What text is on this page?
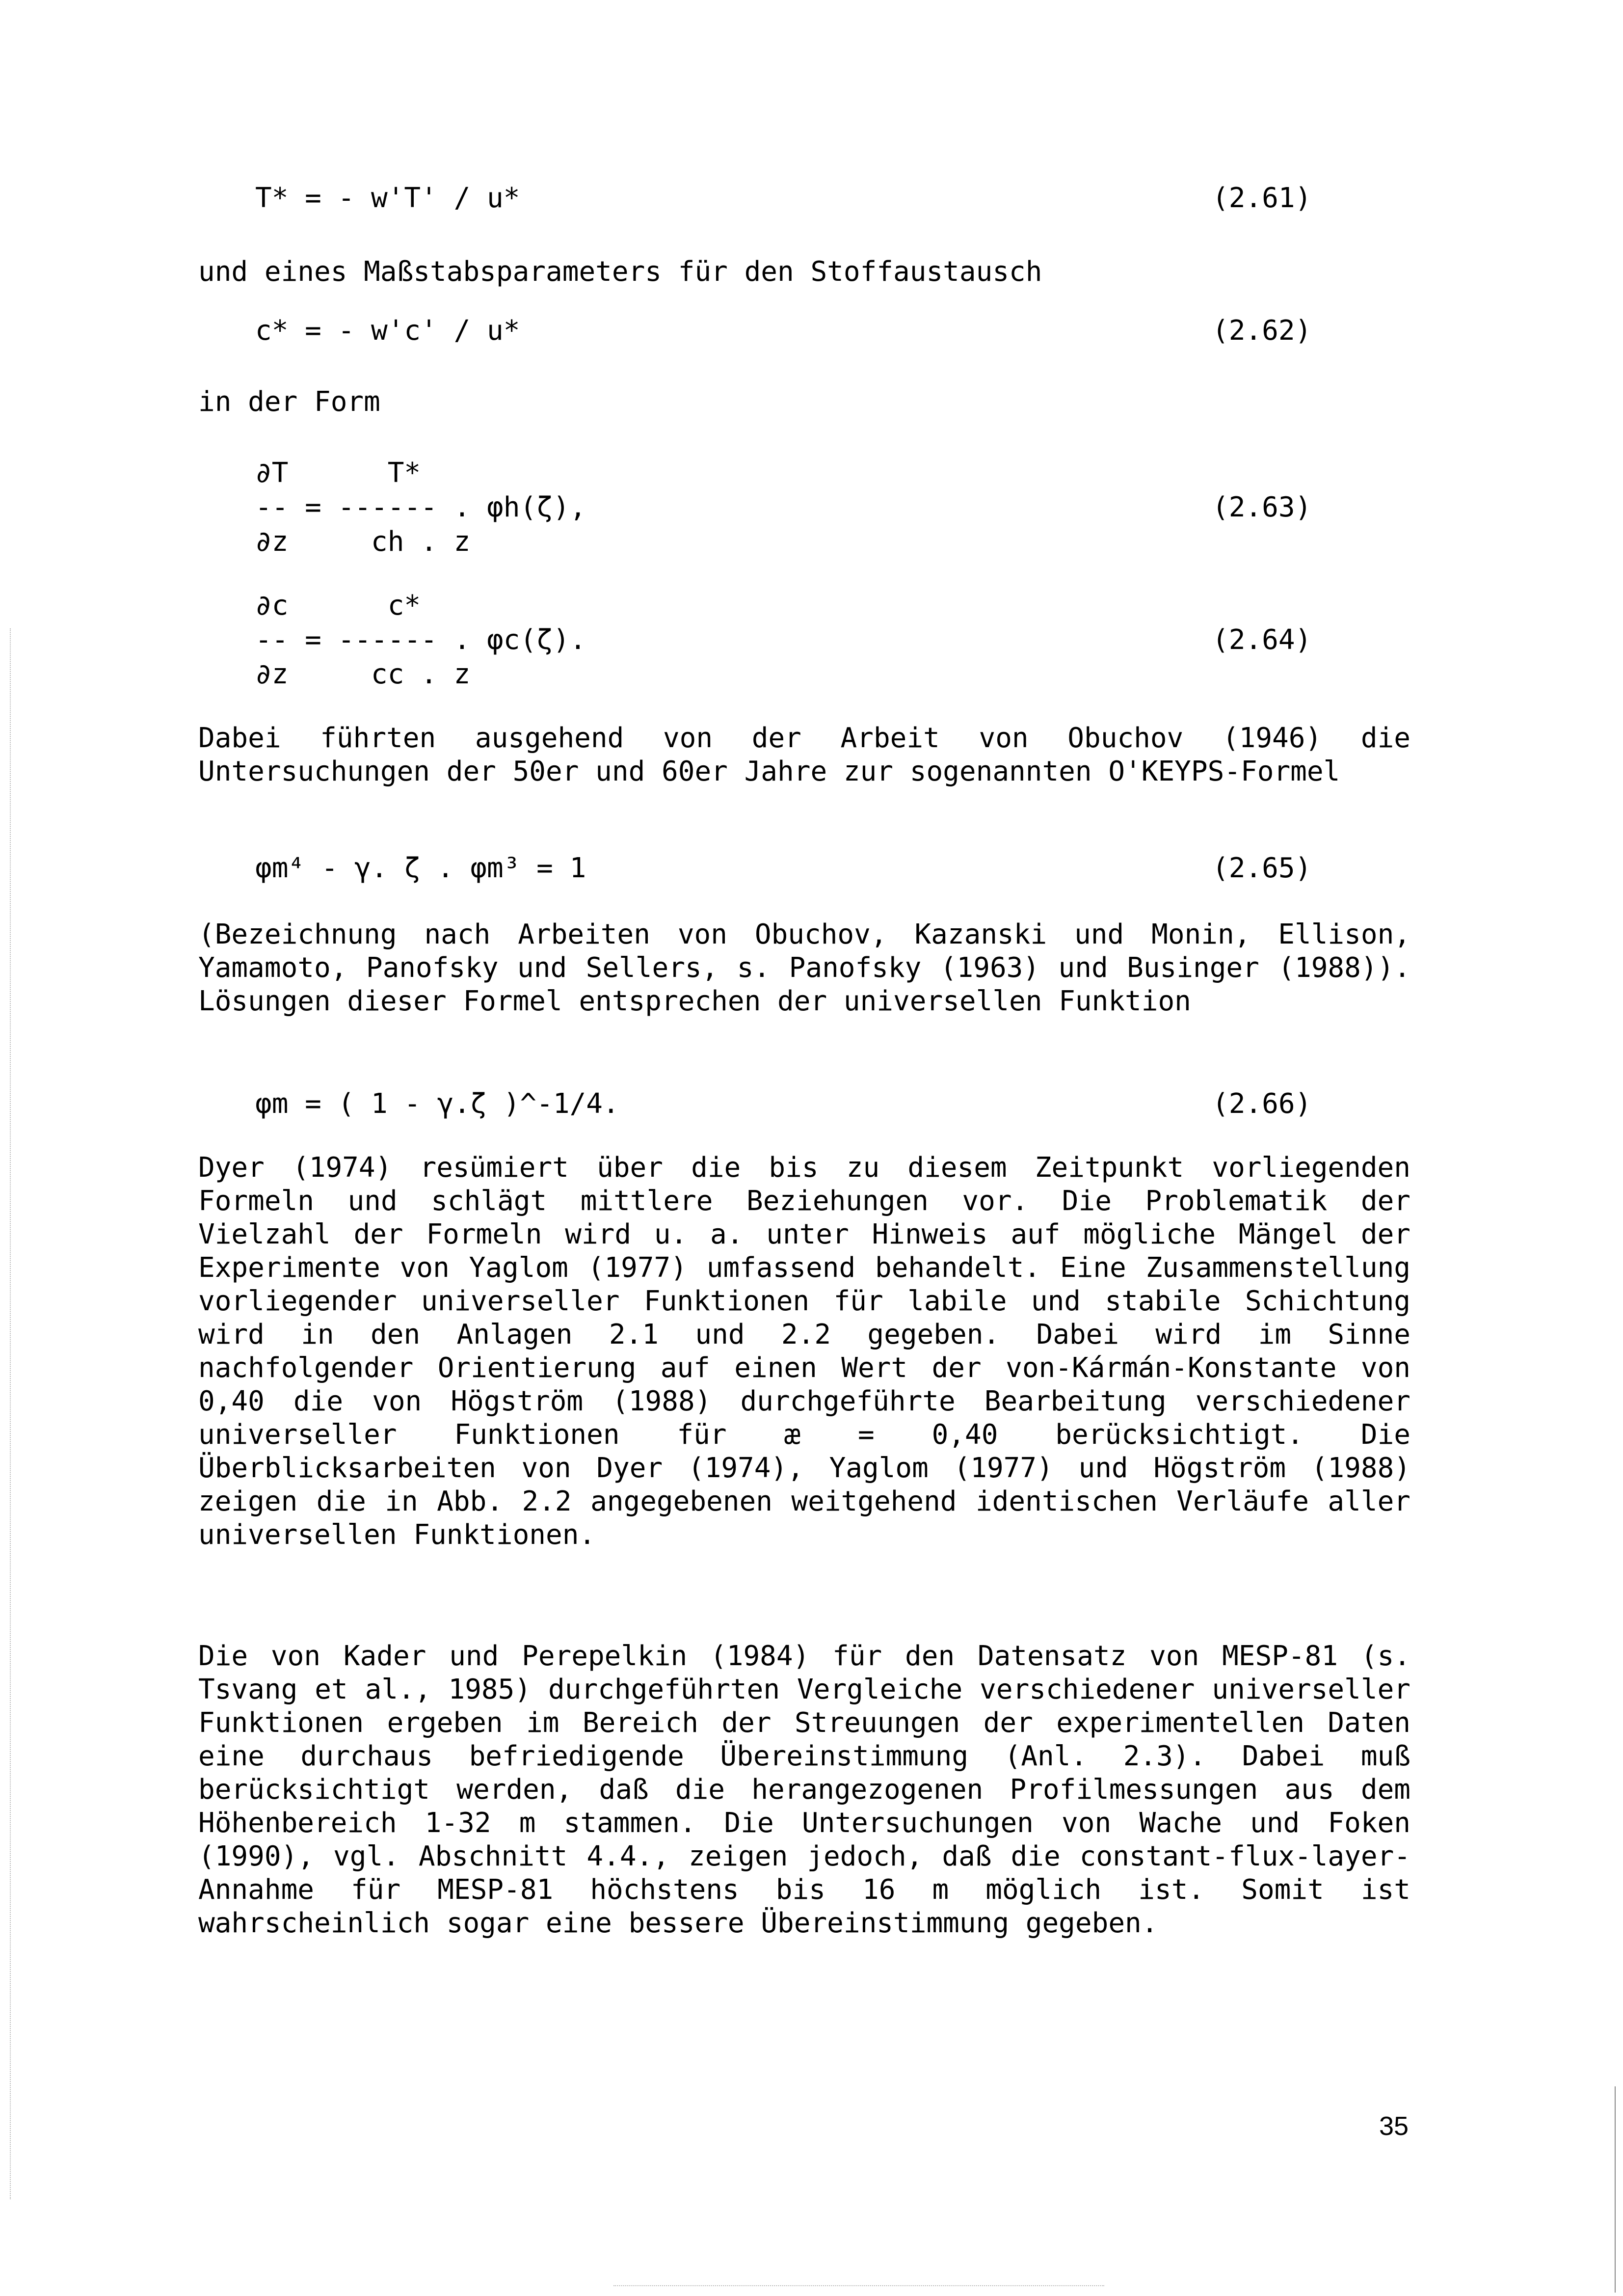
T* = - w'T' / u*	(2.61)
und eines Maßstabsparameters für den Stoffaustausch
c* = - w'c' / u*	(2.62)
in der Form
∂T      T*
-- = ------ . φh(ζ),
∂z     ch . z
(2.63)
∂c      c*
-- = ------ . φc(ζ).
∂z     cc . z
(2.64)
Dabei führten ausgehend von der Arbeit von Obuchov (1946) die Untersuchungen der 50er und 60er Jahre zur sogenannten O'KEYPS-Formel
φm⁴ - γ. ζ . φm³ = 1	(2.65)
(Bezeichnung nach Arbeiten von Obuchov, Kazanski und Monin, Ellison, Yamamoto, Panofsky und Sellers, s. Panofsky (1963) und Businger (1988)). Lösungen dieser Formel entsprechen der universellen Funktion
φm = ( 1 - γ.ζ )^-1/4.	(2.66)
Dyer (1974) resümiert über die bis zu diesem Zeitpunkt vorliegenden Formeln und schlägt mittlere Beziehungen vor. Die Problematik der Vielzahl der Formeln wird u. a. unter Hinweis auf mögliche Mängel der Experimente von Yaglom (1977) umfassend behandelt. Eine Zusammenstellung vorliegender universeller Funktionen für labile und stabile Schichtung wird in den Anlagen 2.1 und 2.2 gegeben. Dabei wird im Sinne nachfolgender Orientierung auf einen Wert der von-Kármán-Konstante von 0,40 die von Högström (1988) durchgeführte Bearbeitung verschiedener universeller Funktionen für æ = 0,40 berücksichtigt. Die Überblicksarbeiten von Dyer (1974), Yaglom (1977) und Högström (1988) zeigen die in Abb. 2.2 angegebenen weitgehend identischen Verläufe aller universellen Funktionen.
Die von Kader und Perepelkin (1984) für den Datensatz von MESP-81 (s. Tsvang et al., 1985) durchgeführten Vergleiche verschiedener universeller Funktionen ergeben im Bereich der Streuungen der experimentellen Daten eine durchaus befriedigende Übereinstimmung (Anl. 2.3). Dabei muß berücksichtigt werden, daß die herangezogenen Profilmessungen aus dem Höhenbereich 1-32 m stammen. Die Untersuchungen von Wache und Foken (1990), vgl. Abschnitt 4.4., zeigen jedoch, daß die constant-flux-layer-Annahme für MESP-81 höchstens bis 16 m möglich ist. Somit ist wahrscheinlich sogar eine bessere Übereinstimmung gegeben.
35
